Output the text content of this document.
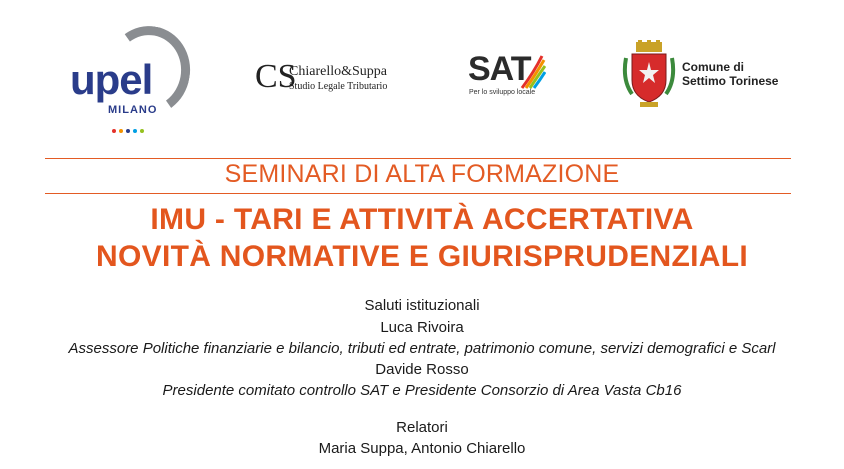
upel
MILANO
CS
Chiarello&Suppa
Studio Legale Tributario SAT
Per lo sviluppo locale
Comune di
Settimo Torinese
SEMINARI DI ALTA FORMAZIONE
IMU - TARI E ATTIVITÀ ACCERTATIVA
NOVITÀ NORMATIVE E GIURISPRUDENZIALI
Saluti istituzionali
Luca Rivoira
Assessore Politiche finanziarie e bilancio, tributi ed entrate, patrimonio comune, servizi demografici e Scarl
Davide Rosso
Presidente comitato controllo SAT e Presidente Consorzio di Area Vasta Cb16
Relatori
Maria Suppa, Antonio Chiarello
